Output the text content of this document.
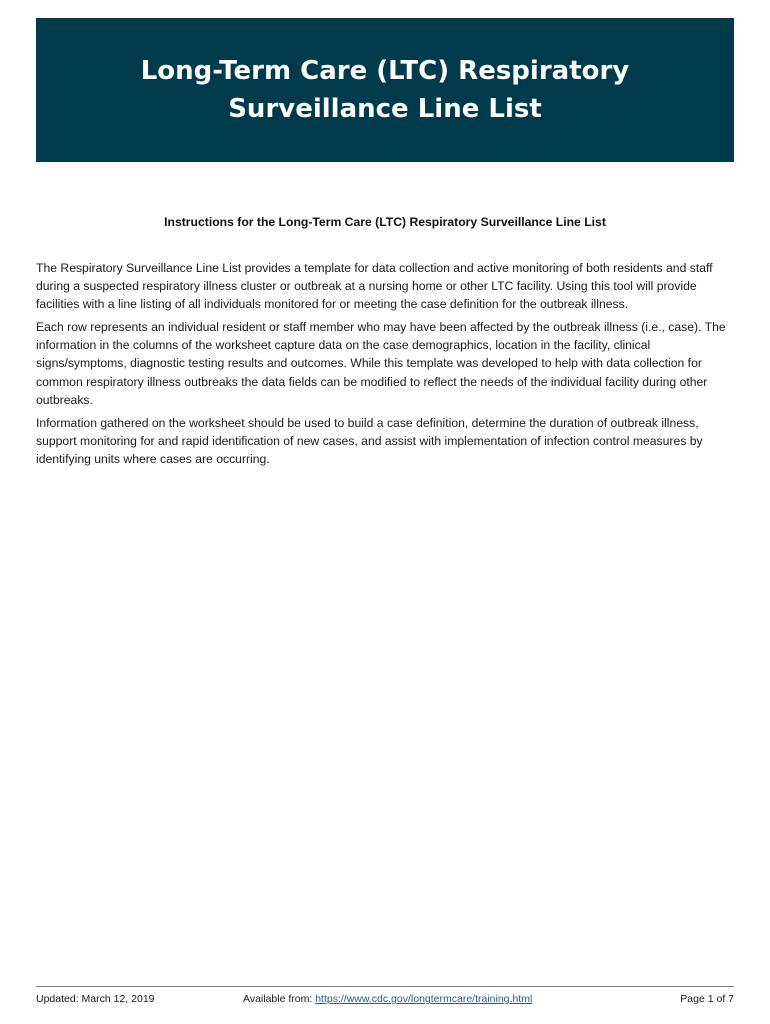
Long-Term Care (LTC) Respiratory Surveillance Line List
Instructions for the Long-Term Care (LTC) Respiratory Surveillance Line List

The Respiratory Surveillance Line List provides a template for data collection and active monitoring of both residents and staff during a suspected respiratory illness cluster or outbreak at a nursing home or other LTC facility. Using this tool will provide facilities with a line listing of all individuals monitored for or meeting the case definition for the outbreak illness.

Each row represents an individual resident or staff member who may have been affected by the outbreak illness (i.e., case). The information in the columns of the worksheet capture data on the case demographics, location in the facility, clinical signs/symptoms, diagnostic testing results and outcomes. While this template was developed to help with data collection for common respiratory illness outbreaks the data fields can be modified to reflect the needs of the individual facility during other outbreaks.

Information gathered on the worksheet should be used to build a case definition, determine the duration of outbreak illness, support monitoring for and rapid identification of new cases, and assist with implementation of infection control measures by identifying units where cases are occurring.

Updated: March 12, 2019	Available from: https://www.cdc.gov/longtermcare/training.html	Page 1 of 7
